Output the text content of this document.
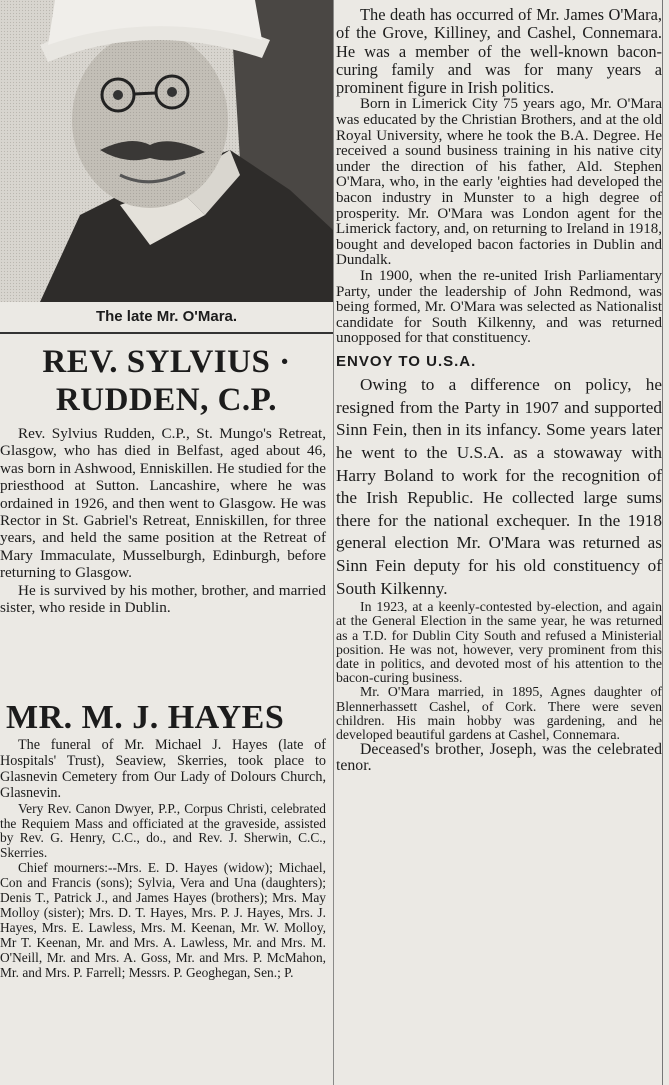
The late Mr. O'Mara.
REV. SYLVIUS ·
RUDDEN, C.P.

Rev. Sylvius Rudden, C.P., St. Mungo's Retreat, Glasgow, who has died in Belfast, aged about 46, was born in Ashwood, Enniskillen. He studied for the priesthood at Sutton. Lancashire, where he was ordained in 1926, and then went to Glasgow. He was Rector in St. Gabriel's Retreat, Enniskillen, for three years, and held the same position at the Retreat of Mary Immaculate, Musselburgh, Edinburgh, before returning to Glasgow.

He is survived by his mother, brother, and married sister, who reside in Dublin.

MR. M. J. HAYES

The funeral of Mr. Michael J. Hayes (late of Hospitals' Trust), Seaview, Skerries, took place to Glasnevin Cemetery from Our Lady of Dolours Church, Glasnevin.

Very Rev. Canon Dwyer, P.P., Corpus Christi, celebrated the Requiem Mass and officiated at the graveside, assisted by Rev. G. Henry, C.C., do., and Rev. J. Sherwin, C.C., Skerries.

Chief mourners:--Mrs. E. D. Hayes (widow); Michael, Con and Francis (sons); Sylvia, Vera and Una (daughters); Denis T., Patrick J., and James Hayes (brothers); Mrs. May Molloy (sister); Mrs. D. T. Hayes, Mrs. P. J. Hayes, Mrs. J. Hayes, Mrs. E. Lawless, Mrs. M. Keenan, Mr. W. Molloy, Mr T. Keenan, Mr. and Mrs. A. Lawless, Mr. and Mrs. M. O'Neill, Mr. and Mrs. A. Goss, Mr. and Mrs. P. McMahon, Mr. and Mrs. P. Farrell; Messrs. P. Geoghegan, Sen.; P.

The death has occurred of Mr. James O'Mara, of the Grove, Killiney, and Cashel, Connemara. He was a member of the well-known bacon-curing family and was for many years a prominent figure in Irish politics.

Born in Limerick City 75 years ago, Mr. O'Mara was educated by the Christian Brothers, and at the old Royal University, where he took the B.A. Degree. He received a sound business training in his native city under the direction of his father, Ald. Stephen O'Mara, who, in the early 'eighties had developed the bacon industry in Munster to a high degree of prosperity. Mr. O'Mara was London agent for the Limerick factory, and, on returning to Ireland in 1918, bought and developed bacon factories in Dublin and Dundalk.

In 1900, when the re-united Irish Parliamentary Party, under the leadership of John Redmond, was being formed, Mr. O'Mara was selected as Nationalist candidate for South Kilkenny, and was returned unopposed for that constituency.

ENVOY TO U.S.A.

Owing to a difference on policy, he resigned from the Party in 1907 and supported Sinn Fein, then in its infancy. Some years later he went to the U.S.A. as a stowaway with Harry Boland to work for the recognition of the Irish Republic. He collected large sums there for the national exchequer. In the 1918 general election Mr. O'Mara was returned as Sinn Fein deputy for his old constituency of South Kilkenny.

In 1923, at a keenly-contested by-election, and again at the General Election in the same year, he was returned as a T.D. for Dublin City South and refused a Ministerial position. He was not, however, very prominent from this date in politics, and devoted most of his attention to the bacon-curing business.

Mr. O'Mara married, in 1895, Agnes daughter of Blennerhassett Cashel, of Cork. There were seven children. His main hobby was gardening, and he developed beautiful gardens at Cashel, Connemara.

Deceased's brother, Joseph, was the celebrated tenor.
